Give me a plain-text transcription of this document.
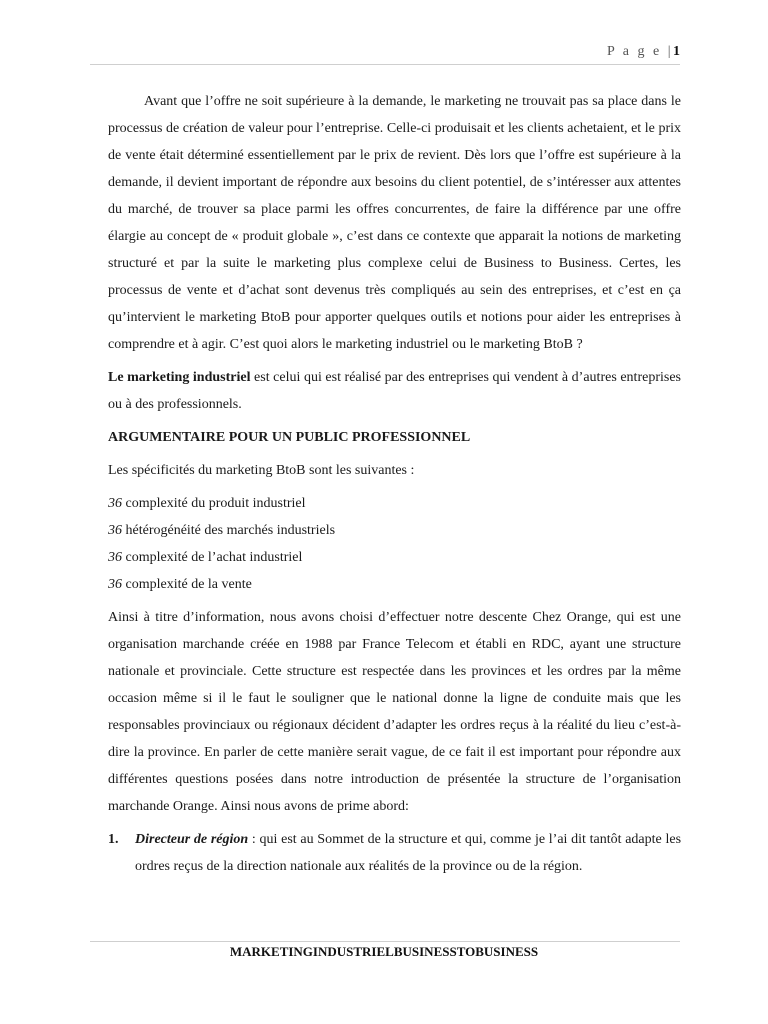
P a g e |1

Avant que l’offre ne soit supérieure à la demande, le marketing ne trouvait pas sa place dans le processus de création de valeur pour l’entreprise. Celle-ci produisait et les clients achetaient, et le prix de vente était déterminé essentiellement par le prix de revient. Dès lors que l’offre est supérieure à la demande, il devient important de répondre aux besoins du client potentiel, de s’intéresser aux attentes du marché, de trouver sa place parmi les offres concurrentes, de faire la différence par une offre élargie au concept de « produit globale », c’est dans ce contexte que apparait la notions de marketing structuré et par la suite le marketing plus complexe celui de Business to Business. Certes, les processus de vente et d’achat sont devenus très compliqués au sein des entreprises, et c’est en ça qu’intervient le marketing BtoB pour apporter quelques outils et notions pour aider les entreprises à comprendre et à agir. C’est quoi alors le marketing industriel ou le marketing BtoB ?

Le marketing industriel est celui qui est réalisé par des entreprises qui vendent à d’autres entreprises ou à des professionnels.

ARGUMENTAIRE POUR UN PUBLIC PROFESSIONNEL

Les spécificités du marketing BtoB sont les suivantes :

36 complexité du produit industriel

36 hétérogénéité des marchés industriels

36 complexité de l’achat industriel

36 complexité de la vente

Ainsi à titre d’information, nous avons choisi d’effectuer notre descente Chez Orange, qui est une organisation marchande créée en 1988 par France Telecom et établi en RDC, ayant une structure nationale et provinciale. Cette structure est respectée dans les provinces et les ordres par la même occasion même si il le faut le souligner que le national donne la ligne de conduite mais que les responsables provinciaux ou régionaux décident d’adapter les ordres reçus à la réalité du lieu c’est-à-dire la province. En parler de cette manière serait vague, de ce fait il est important pour répondre aux différentes questions posées dans notre introduction de présentée la structure de l’organisation marchande Orange. Ainsi nous avons de prime abord:

1.	Directeur de région : qui est au Sommet de la structure et qui, comme je l’ai dit tantôt adapte les ordres reçus de la direction nationale aux réalités de la province ou de la région.
MARKETINGINDUSTRIELBUSINESSTOBUSINESS
